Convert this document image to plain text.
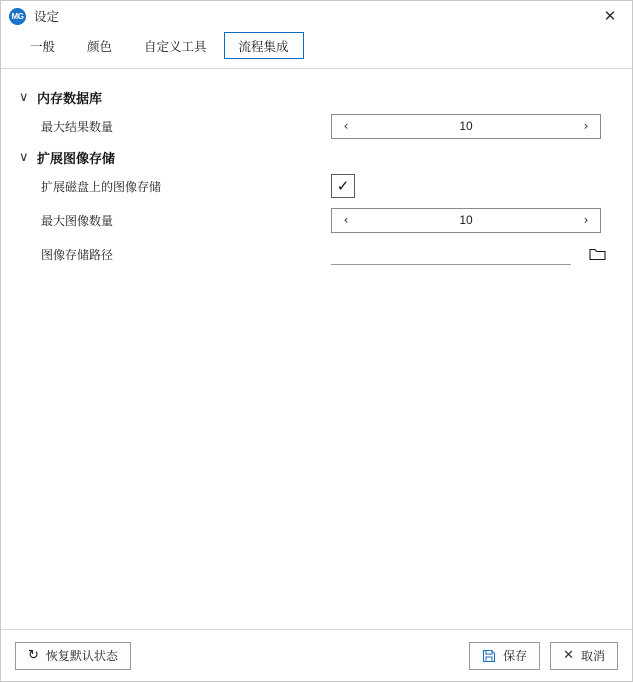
MG 设定	✕
一般	颜色	自定义工具	流程集成
∨ 内存数据库
最大结果数量	‹	10	›
∨ 扩展图像存储
扩展磁盘上的图像存储	✓
最大图像数量	‹	10	›
图像存储路径
↻ 恢复默认状态	保存	✕ 取消
